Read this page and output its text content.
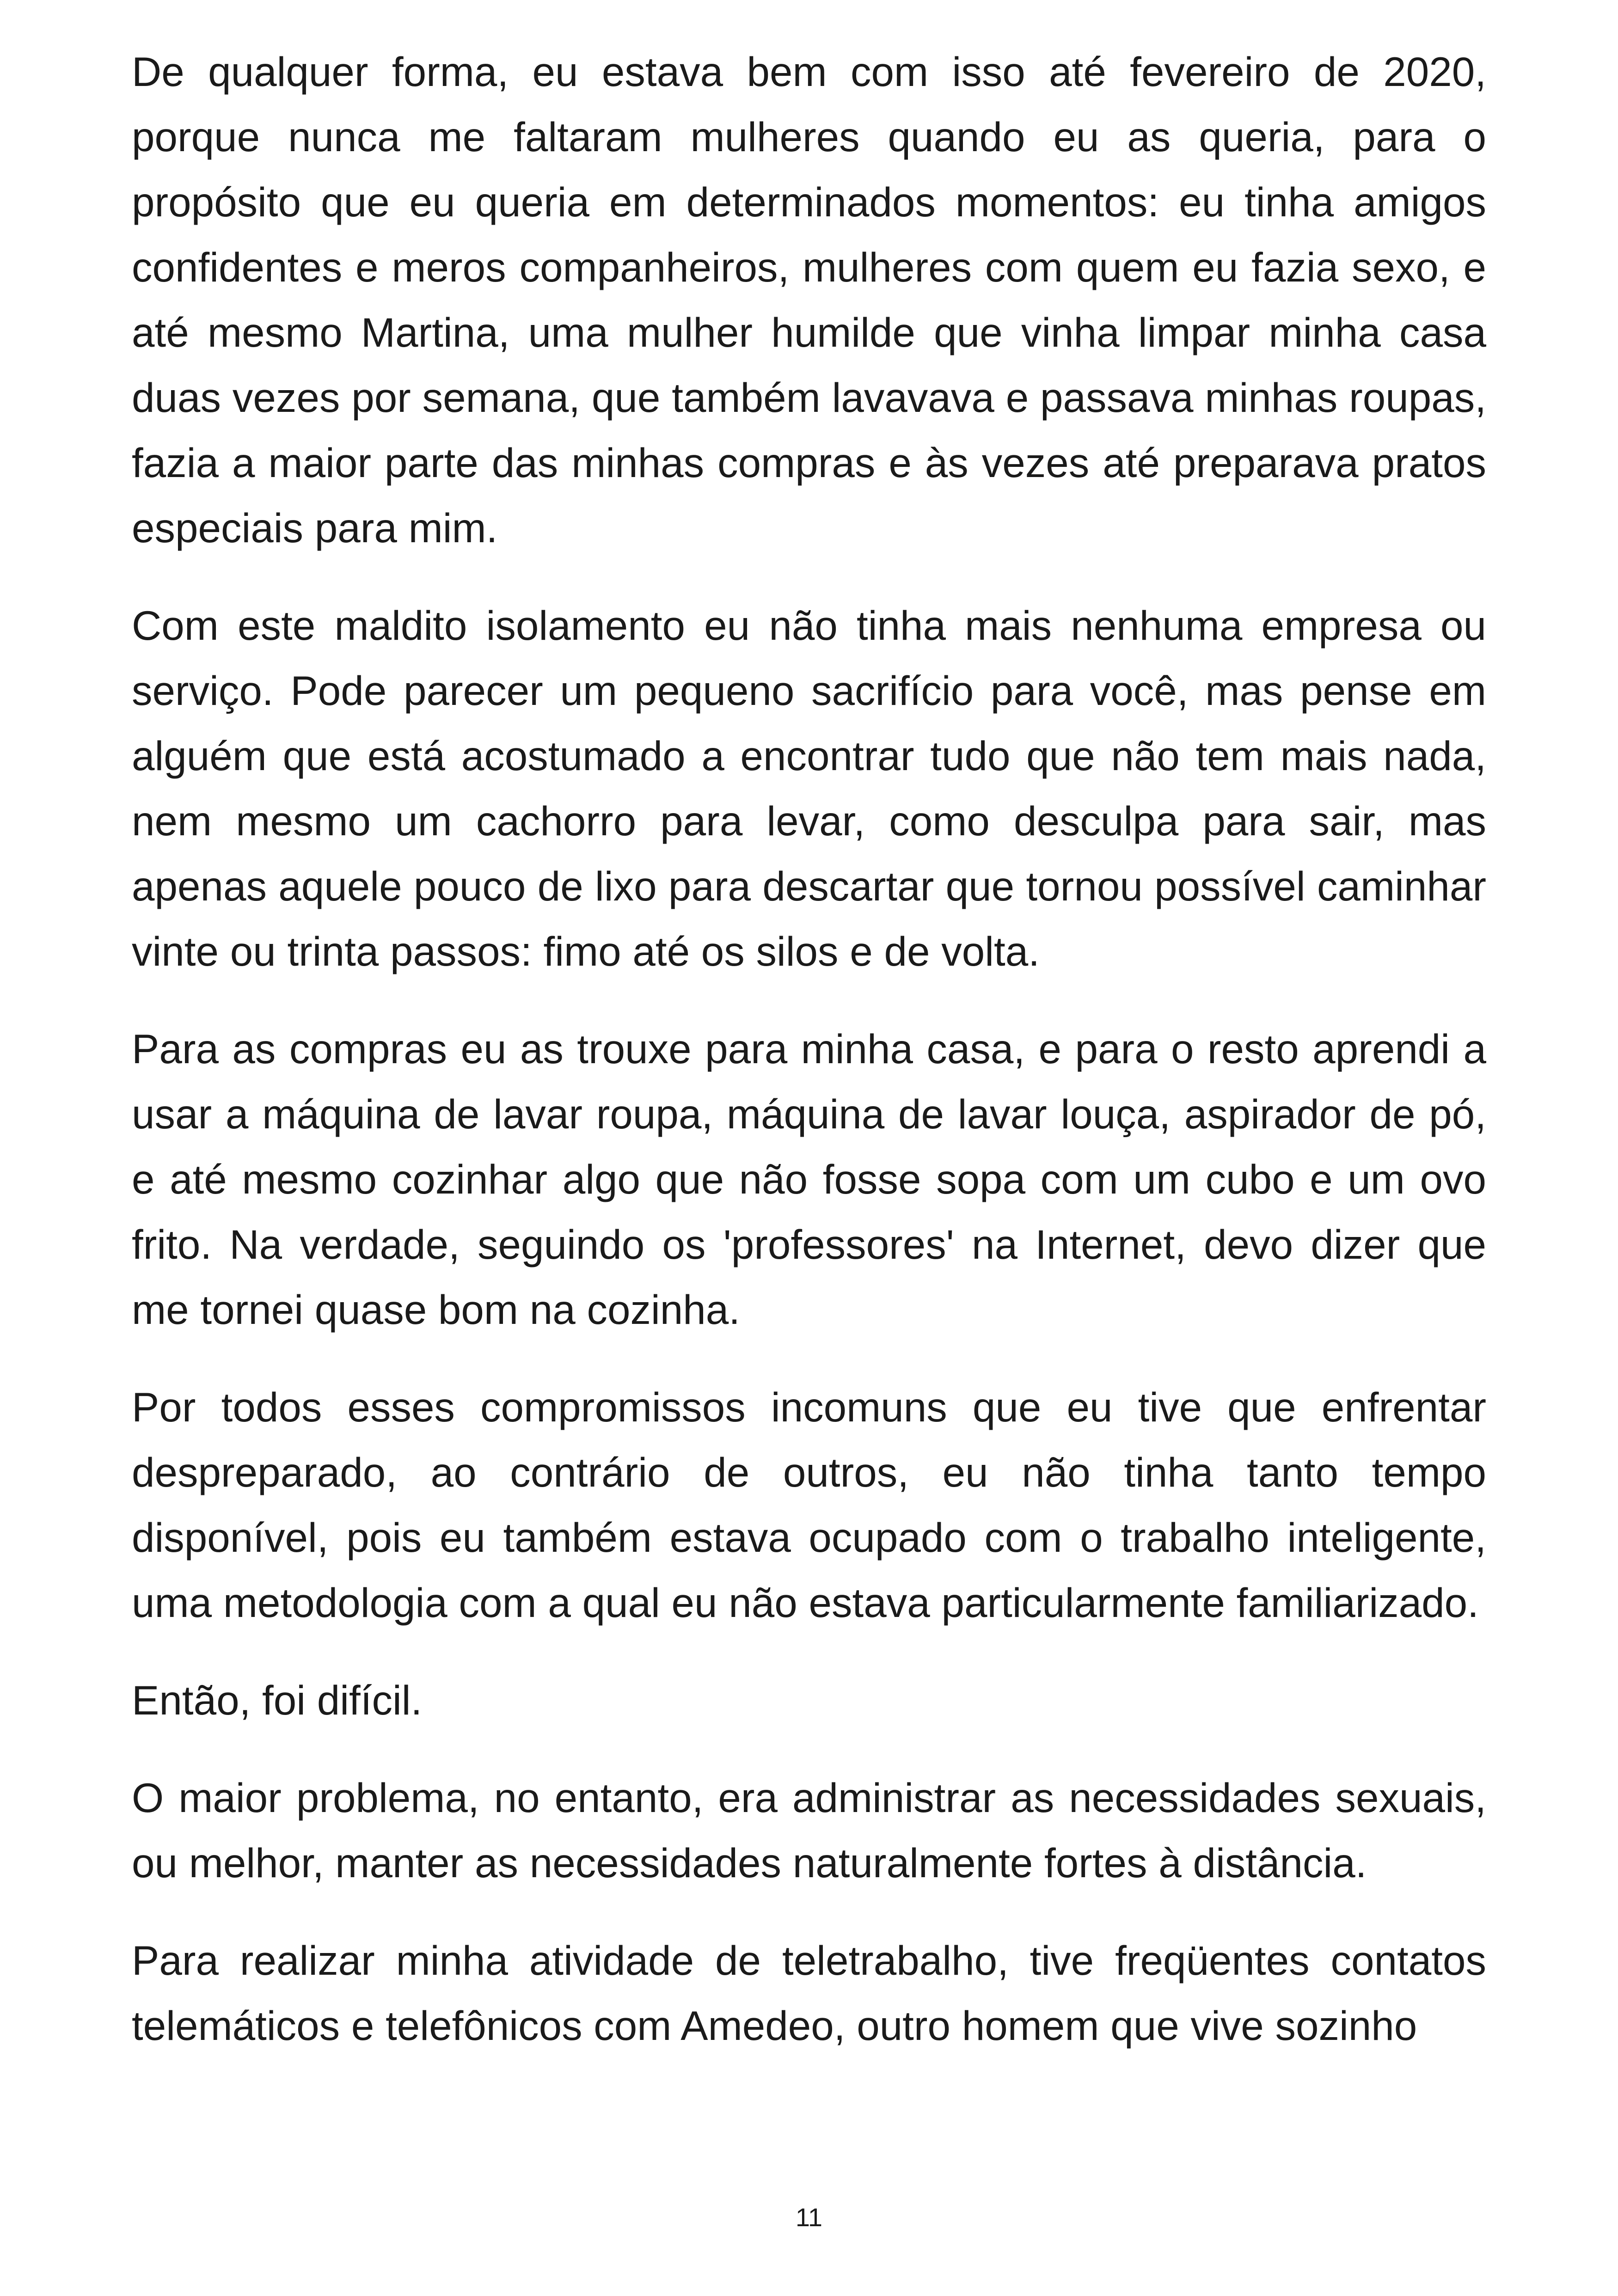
De qualquer forma, eu estava bem com isso até fevereiro de 2020, porque nunca me faltaram mulheres quando eu as queria, para o propósito que eu queria em determinados momentos: eu tinha amigos confidentes e meros companheiros, mulheres com quem eu fazia sexo, e até mesmo Martina, uma mulher humilde que vinha limpar minha casa duas vezes por semana, que também lavavava e passava minhas roupas, fazia a maior parte das minhas compras e às vezes até preparava pratos especiais para mim.

Com este maldito isolamento eu não tinha mais nenhuma empresa ou serviço. Pode parecer um pequeno sacrifício para você, mas pense em alguém que está acostumado a encontrar tudo que não tem mais nada, nem mesmo um cachorro para levar, como desculpa para sair, mas apenas aquele pouco de lixo para descartar que tornou possível caminhar vinte ou trinta passos: fimo até os silos e de volta.

Para as compras eu as trouxe para minha casa, e para o resto aprendi a usar a máquina de lavar roupa, máquina de lavar louça, aspirador de pó, e até mesmo cozinhar algo que não fosse sopa com um cubo e um ovo frito. Na verdade, seguindo os 'professores' na Internet, devo dizer que me tornei quase bom na cozinha.

Por todos esses compromissos incomuns que eu tive que enfrentar despreparado, ao contrário de outros, eu não tinha tanto tempo disponível, pois eu também estava ocupado com o trabalho inteligente, uma metodologia com a qual eu não estava particularmente familiarizado.

Então, foi difícil.

O maior problema, no entanto, era administrar as necessidades sexuais, ou melhor, manter as necessidades naturalmente fortes à distância.

Para realizar minha atividade de teletrabalho, tive freqüentes contatos telemáticos e telefônicos com Amedeo, outro homem que vive sozinho

11
